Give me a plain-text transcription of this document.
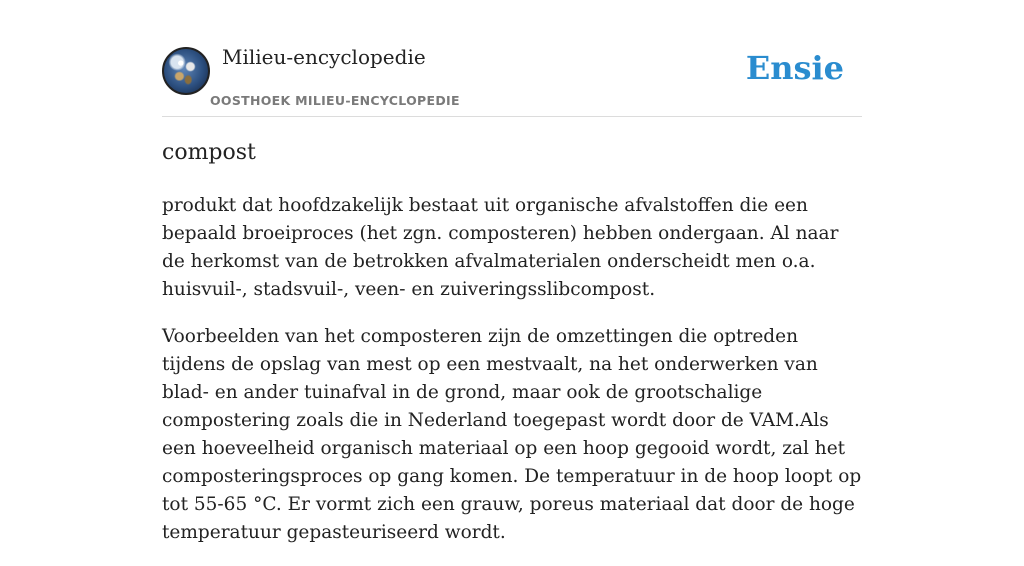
Milieu-encyclopedie
OOSTHOEK MILIEU-ENCYCLOPEDIE
Ensie
compost

produkt dat hoofdzakelijk bestaat uit organische afvalstoffen die een bepaald broeiproces (het zgn. composteren) hebben ondergaan. Al naar de herkomst van de betrokken afvalmaterialen onderscheidt men o.a. huisvuil-, stadsvuil-, veen- en zuiveringsslibcompost.

Voorbeelden van het composteren zijn de omzettingen die optreden tijdens de opslag van mest op een mestvaalt, na het onderwerken van blad- en ander tuinafval in de grond, maar ook de grootschalige compostering zoals die in Nederland toegepast wordt door de VAM.Als een hoeveelheid organisch materiaal op een hoop gegooid wordt, zal het composteringsproces op gang komen. De temperatuur in de hoop loopt op tot 55-65 °C. Er vormt zich een grauw, poreus materiaal dat door de hoge temperatuur gepasteuriseerd wordt.
